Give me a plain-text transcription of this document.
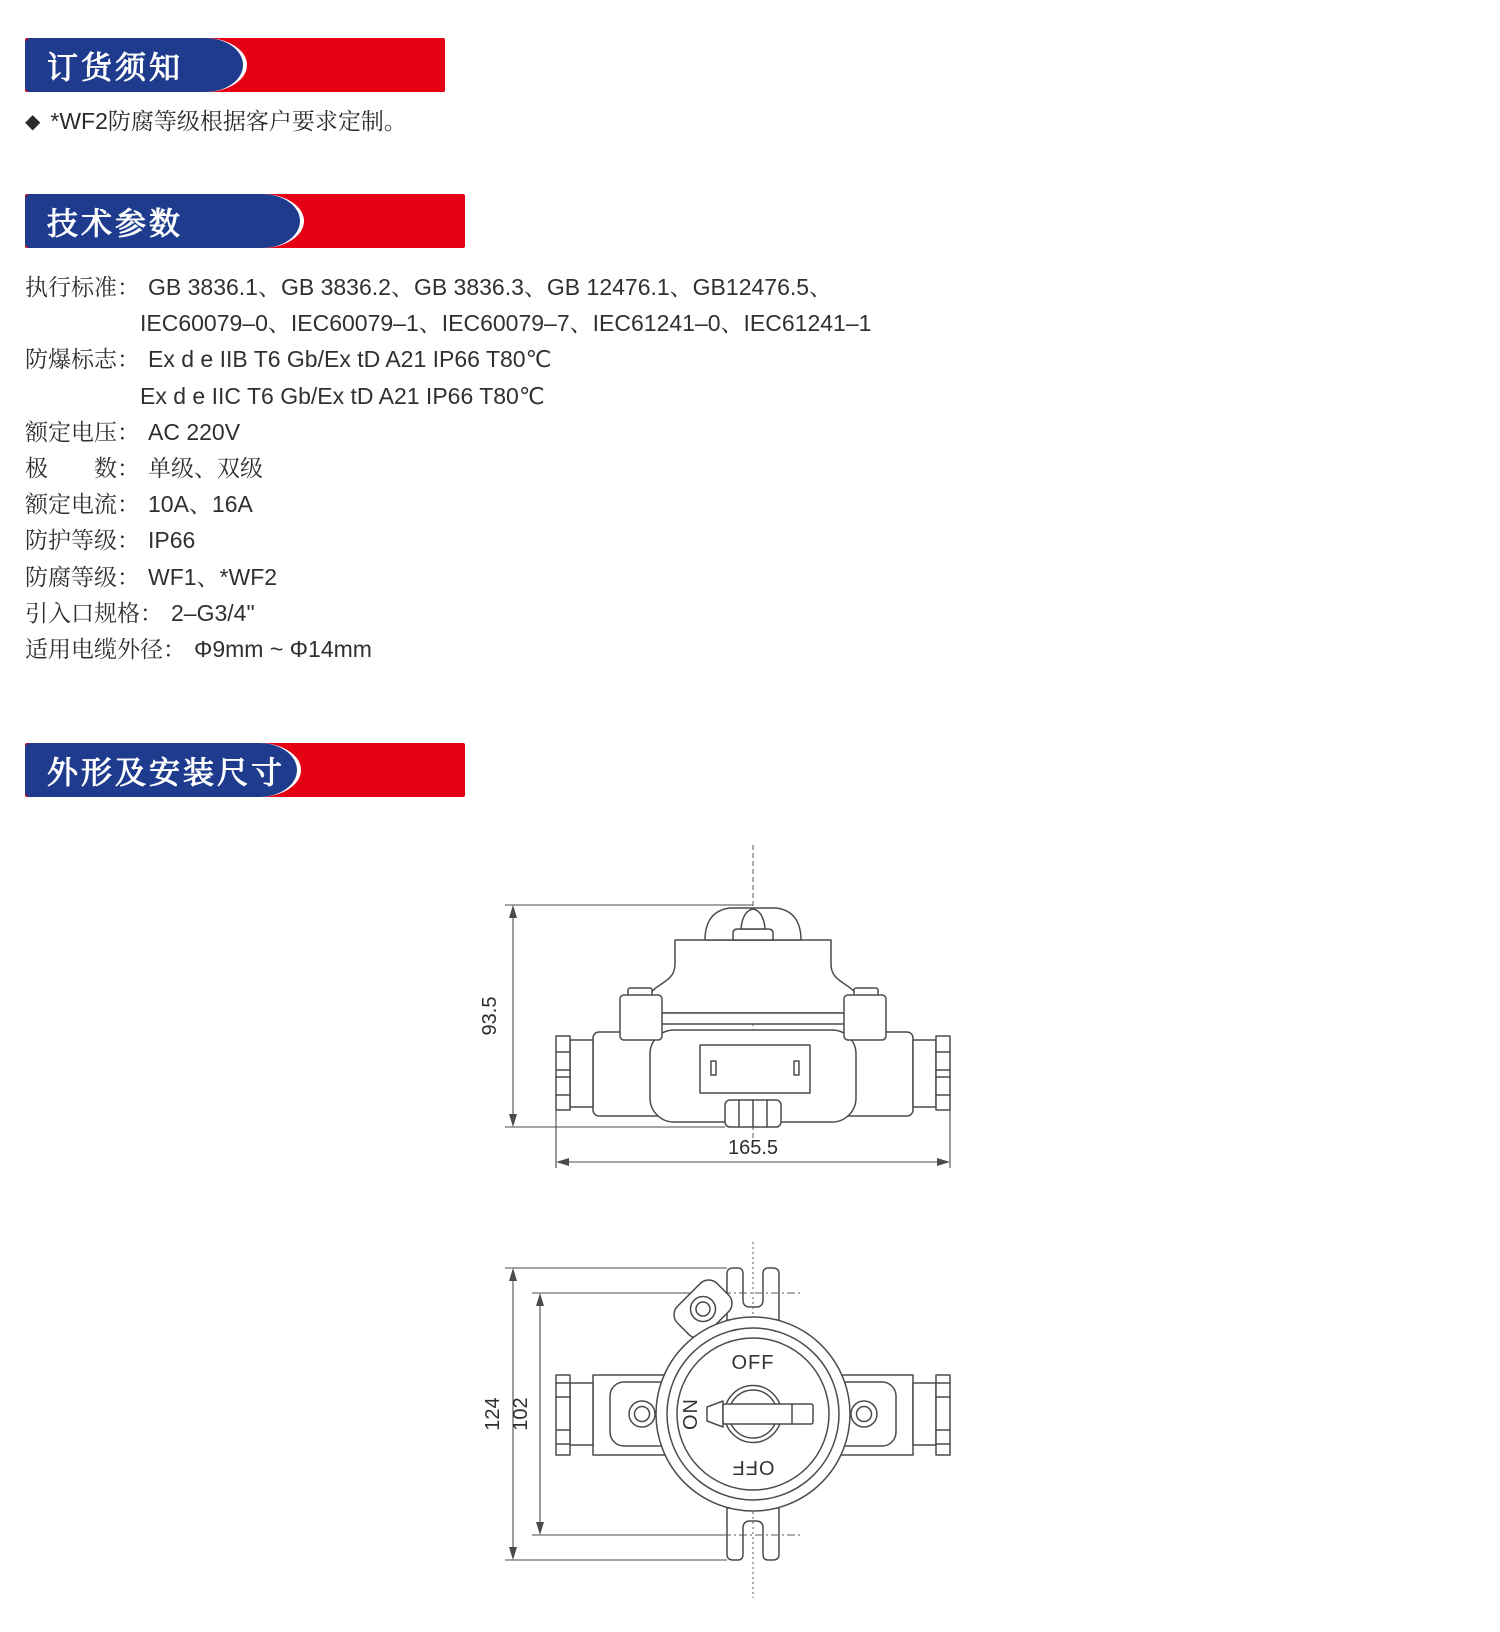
订货须知
◆ *WF2防腐等级根据客户要求定制。
技术参数
执行标准： GB 3836.1、GB 3836.2、GB 3836.3、GB 12476.1、GB12476.5、
IEC60079–0、IEC60079–1、IEC60079–7、IEC61241–0、IEC61241–1
防爆标志： Ex d e IIB T6 Gb/Ex tD A21 IP66 T80℃
Ex d e IIC T6 Gb/Ex tD A21 IP66 T80℃
额定电压： AC 220V
极　　数： 单级、双级
额定电流： 10A、16A
防护等级： IP66
防腐等级： WF1、*WF2
引入口规格： 2–G3/4"
适用电缆外径： Φ9mm ~ Φ14mm
外形及安装尺寸
93.5
165.5
124 102
OFF
ON
OFF
